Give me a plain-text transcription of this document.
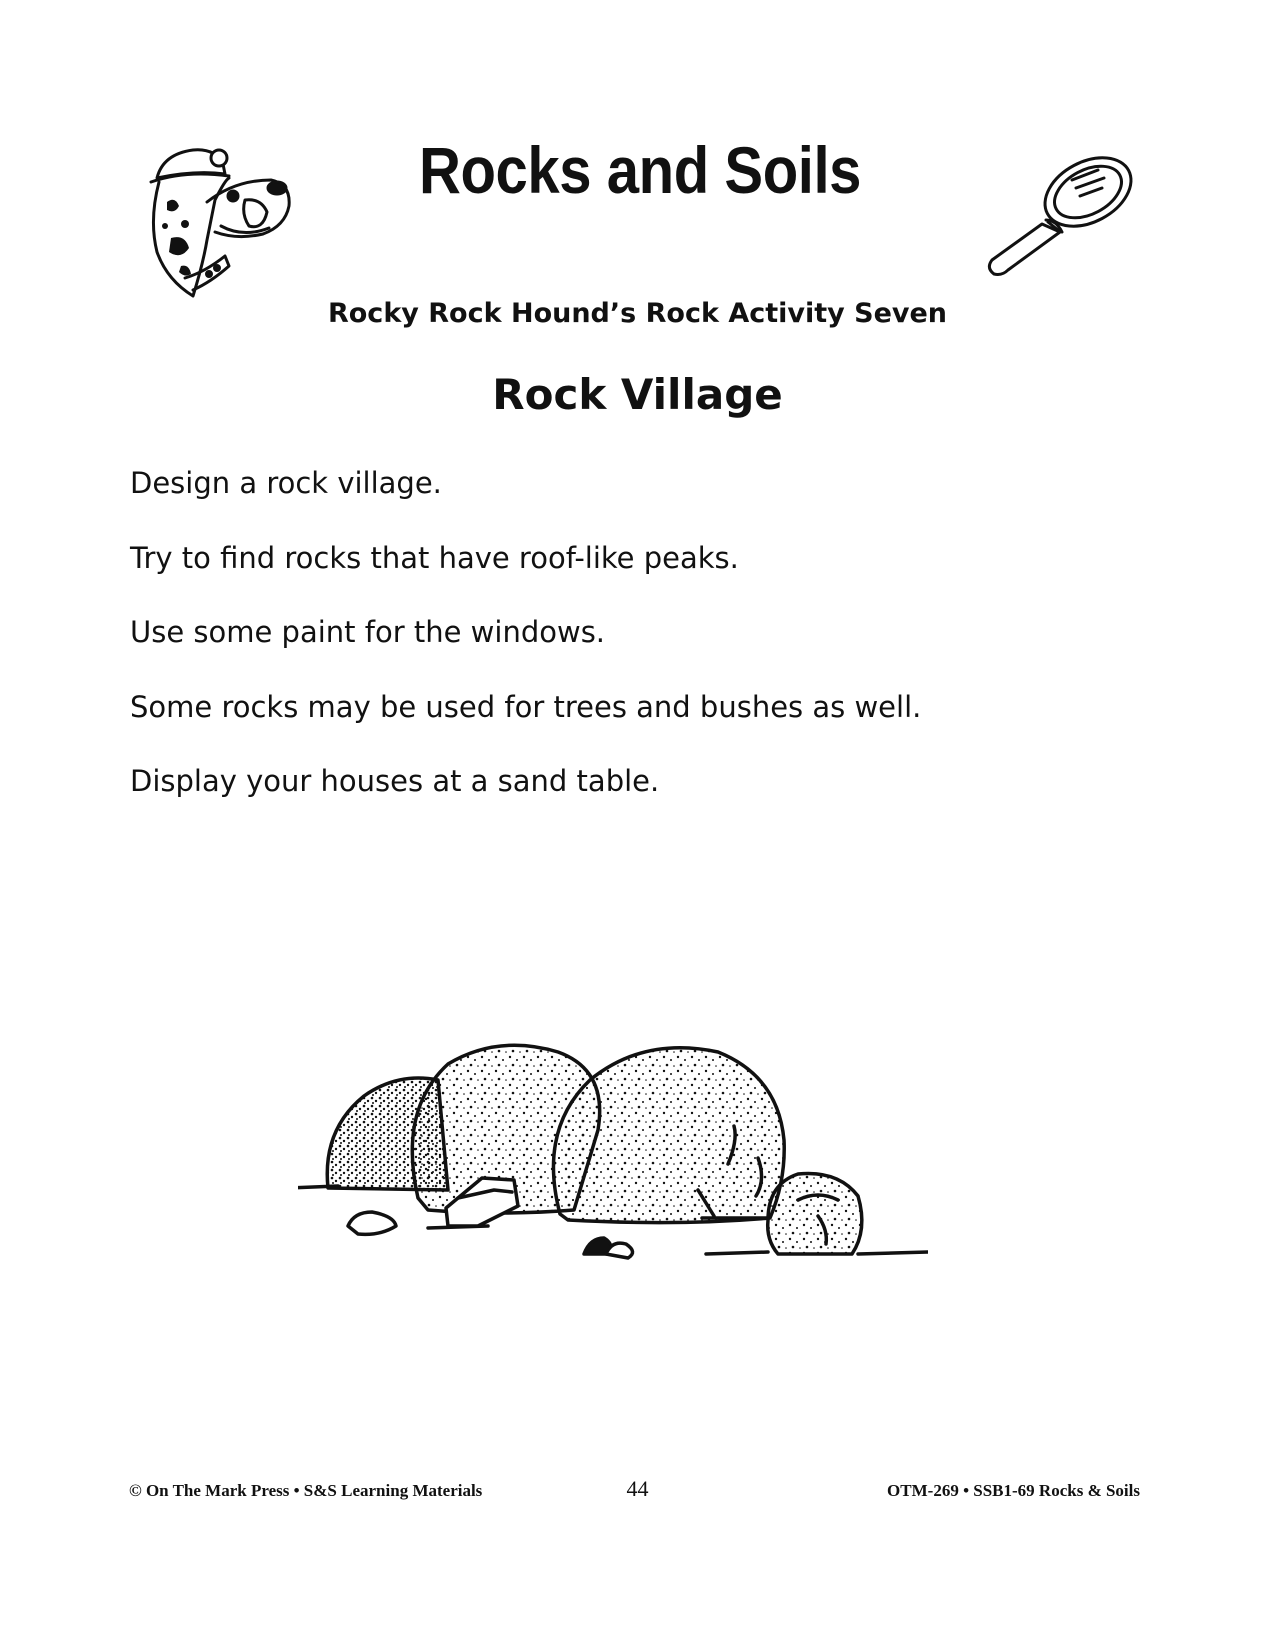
Rocks and Soils
Rocky Rock Hound’s Rock Activity Seven
Rock Village
Design a rock village.
Try to find rocks that have roof-like peaks.
Use some paint for the windows.
Some rocks may be used for trees and bushes as well.
Display your houses at a sand table.
© On The Mark Press • S&S Learning Materials	44	OTM-269 • SSB1-69 Rocks & Soils
